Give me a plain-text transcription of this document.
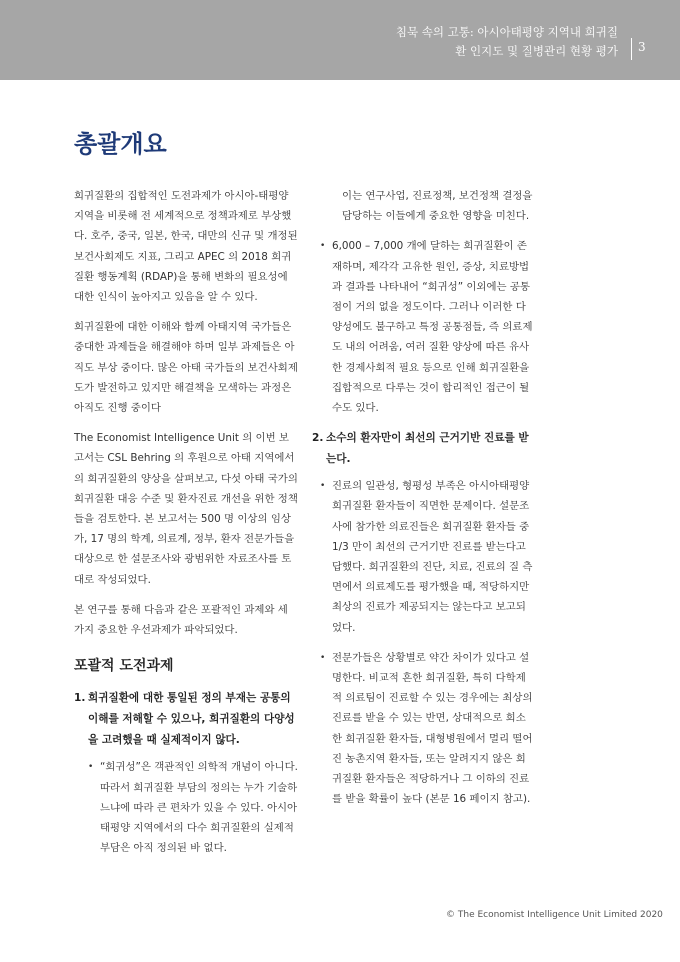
침묵 속의 고통: 아시아태평양 지역내 희귀질
환 인지도 및 질병관리 현황 평가 3
총괄개요

희귀질환의 집합적인 도전과제가 아시아-태평양 지역을 비롯해 전 세계적으로 정책과제로 부상했다. 호주, 중국, 일본, 한국, 대만의 신규 및 개정된 보건사회제도 지표, 그리고 APEC 의 2018 희귀질환 행동계획 (RDAP)을 통해 변화의 필요성에 대한 인식이 높아지고 있음을 알 수 있다.

희귀질환에 대한 이해와 함께 아태지역 국가들은 중대한 과제들을 해결해야 하며 일부 과제들은 아직도 부상 중이다. 많은 아태 국가들의 보건사회제도가 발전하고 있지만 해결책을 모색하는 과정은 아직도 진행 중이다

The Economist Intelligence Unit 의 이번 보고서는 CSL Behring 의 후원으로 아태 지역에서의 희귀질환의 양상을 살펴보고, 다섯 아태 국가의 희귀질환 대응 수준 및 환자진료 개선을 위한 정책들을 검토한다. 본 보고서는 500 명 이상의 임상가, 17 명의 학계, 의료계, 정부, 환자 전문가들을 대상으로 한 설문조사와 광범위한 자료조사를 토대로 작성되었다.

본 연구를 통해 다음과 같은 포괄적인 과제와 세 가지 중요한 우선과제가 파악되었다.

포괄적 도전과제
1. 희귀질환에 대한 통일된 정의 부재는 공통의 이해를 저해할 수 있으나, 희귀질환의 다양성을 고려했을 때 실제적이지 않다.
• “희귀성”은 객관적인 의학적 개념이 아니다. 따라서 희귀질환 부담의 정의는 누가 기술하느냐에 따라 큰 편차가 있을 수 있다. 아시아태평양 지역에서의 다수 희귀질환의 실제적 부담은 아직 정의된 바 없다.
이는 연구사업, 진료정책, 보건정책 결정을 담당하는 이들에게 중요한 영향을 미친다.
• 6,000 – 7,000 개에 달하는 희귀질환이 존재하며, 제각각 고유한 원인, 증상, 치료방법과 결과를 나타내어 “희귀성” 이외에는 공통점이 거의 없을 정도이다. 그러나 이러한 다양성에도 불구하고 특정 공통점들, 즉 의료제도 내의 어려움, 여러 질환 양상에 따른 유사한 경제사회적 필요 등으로 인해 희귀질환을 집합적으로 다루는 것이 합리적인 접근이 될 수도 있다.
2. 소수의 환자만이 최선의 근거기반 진료를 받는다.
• 진료의 일관성, 형평성 부족은 아시아태평양 희귀질환 환자들이 직면한 문제이다. 설문조사에 참가한 의료진들은 희귀질환 환자들 중 1/3 만이 최선의 근거기반 진료를 받는다고 답했다. 희귀질환의 진단, 치료, 진료의 질 측면에서 의료제도를 평가했을 때, 적당하지만 최상의 진료가 제공되지는 않는다고 보고되었다.
• 전문가들은 상황별로 약간 차이가 있다고 설명한다. 비교적 흔한 희귀질환, 특히 다학제적 의료팀이 진료할 수 있는 경우에는 최상의 진료를 받을 수 있는 반면, 상대적으로 희소한 희귀질환 환자들, 대형병원에서 멀리 떨어진 농촌지역 환자들, 또는 알려지지 않은 희귀질환 환자들은 적당하거나 그 이하의 진료를 받을 확률이 높다 (본문 16 페이지 참고).
© The Economist Intelligence Unit Limited 2020
